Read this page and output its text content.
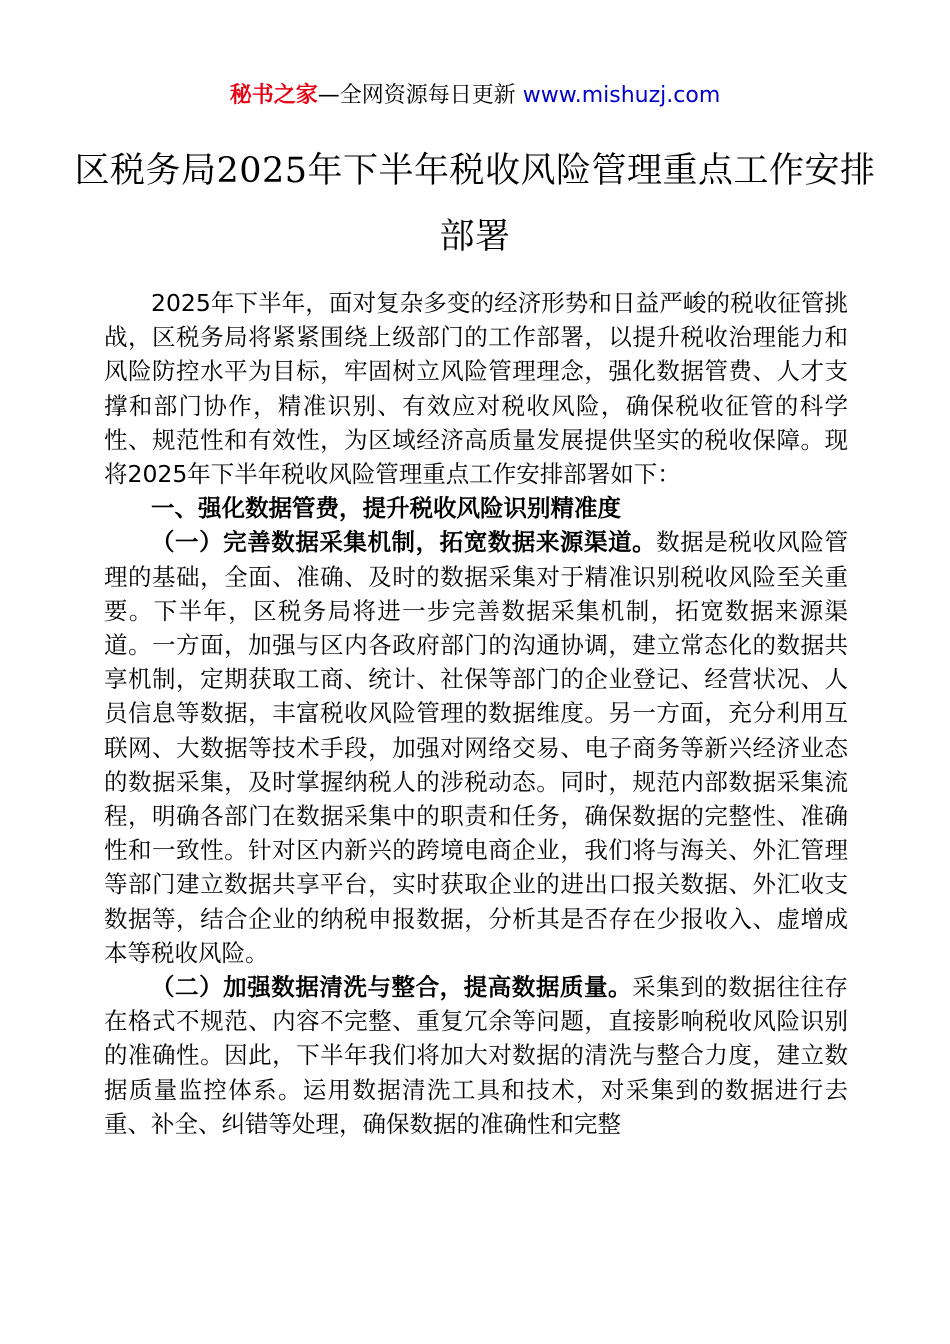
秘书之家—全网资源每日更新 www.mishuzj.com
区税务局2025年下半年税收风险管理重点工作安排部署

2025年下半年，面对复杂多变的经济形势和日益严峻的税收征管挑战，区税务局将紧紧围绕上级部门的工作部署，以提升税收治理能力和风险防控水平为目标，牢固树立风险管理理念，强化数据管费、人才支撑和部门协作，精准识别、有效应对税收风险，确保税收征管的科学性、规范性和有效性，为区域经济高质量发展提供坚实的税收保障。现将2025年下半年税收风险管理重点工作安排部署如下：

一、强化数据管费，提升税收风险识别精准度

（一）完善数据采集机制，拓宽数据来源渠道。数据是税收风险管理的基础，全面、准确、及时的数据采集对于精准识别税收风险至关重要。下半年，区税务局将进一步完善数据采集机制，拓宽数据来源渠道。一方面，加强与区内各政府部门的沟通协调，建立常态化的数据共享机制，定期获取工商、统计、社保等部门的企业登记、经营状况、人员信息等数据，丰富税收风险管理的数据维度。另一方面，充分利用互联网、大数据等技术手段，加强对网络交易、电子商务等新兴经济业态的数据采集，及时掌握纳税人的涉税动态。同时，规范内部数据采集流程，明确各部门在数据采集中的职责和任务，确保数据的完整性、准确性和一致性。针对区内新兴的跨境电商企业，我们将与海关、外汇管理等部门建立数据共享平台，实时获取企业的进出口报关数据、外汇收支数据等，结合企业的纳税申报数据，分析其是否存在少报收入、虚增成本等税收风险。

（二）加强数据清洗与整合，提高数据质量。采集到的数据往往存在格式不规范、内容不完整、重复冗余等问题，直接影响税收风险识别的准确性。因此，下半年我们将加大对数据的清洗与整合力度，建立数据质量监控体系。运用数据清洗工具和技术，对采集到的数据进行去重、补全、纠错等处理，确保数据的准确性和完整
